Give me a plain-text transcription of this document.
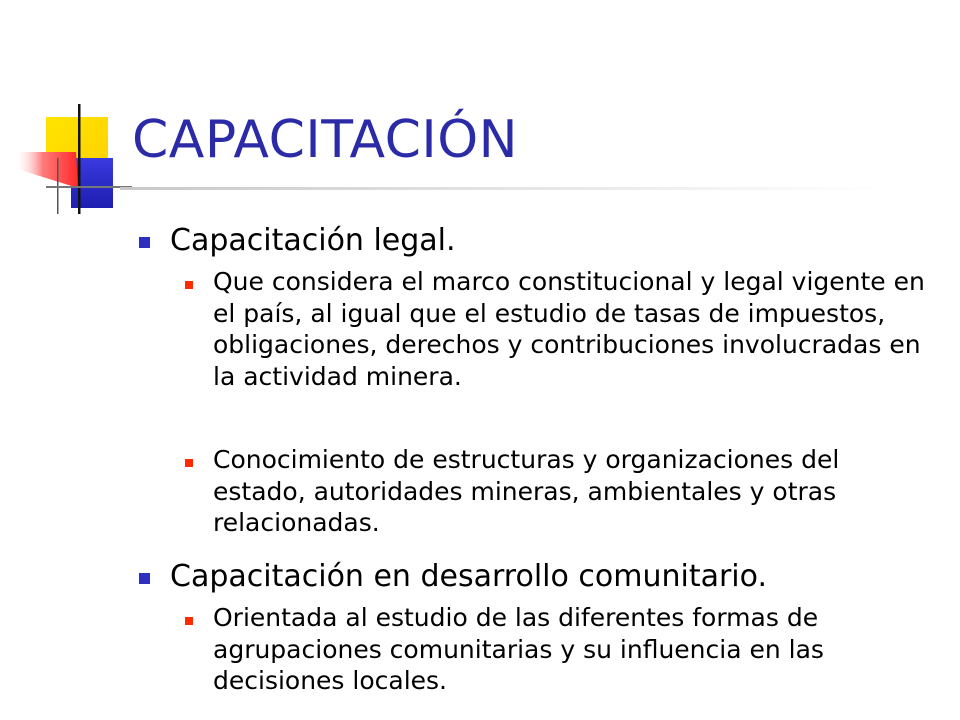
CAPACITACIÓN
Capacitación legal.
Que considera el marco constitucional y legal vigente en el país, al igual que el estudio de tasas de impuestos, obligaciones, derechos y contribuciones involucradas en la actividad minera.
Conocimiento de estructuras y organizaciones del estado, autoridades mineras, ambientales y otras relacionadas.
Capacitación en desarrollo comunitario.
Orientada al estudio de las diferentes formas de agrupaciones comunitarias y su influencia en las decisiones locales.
